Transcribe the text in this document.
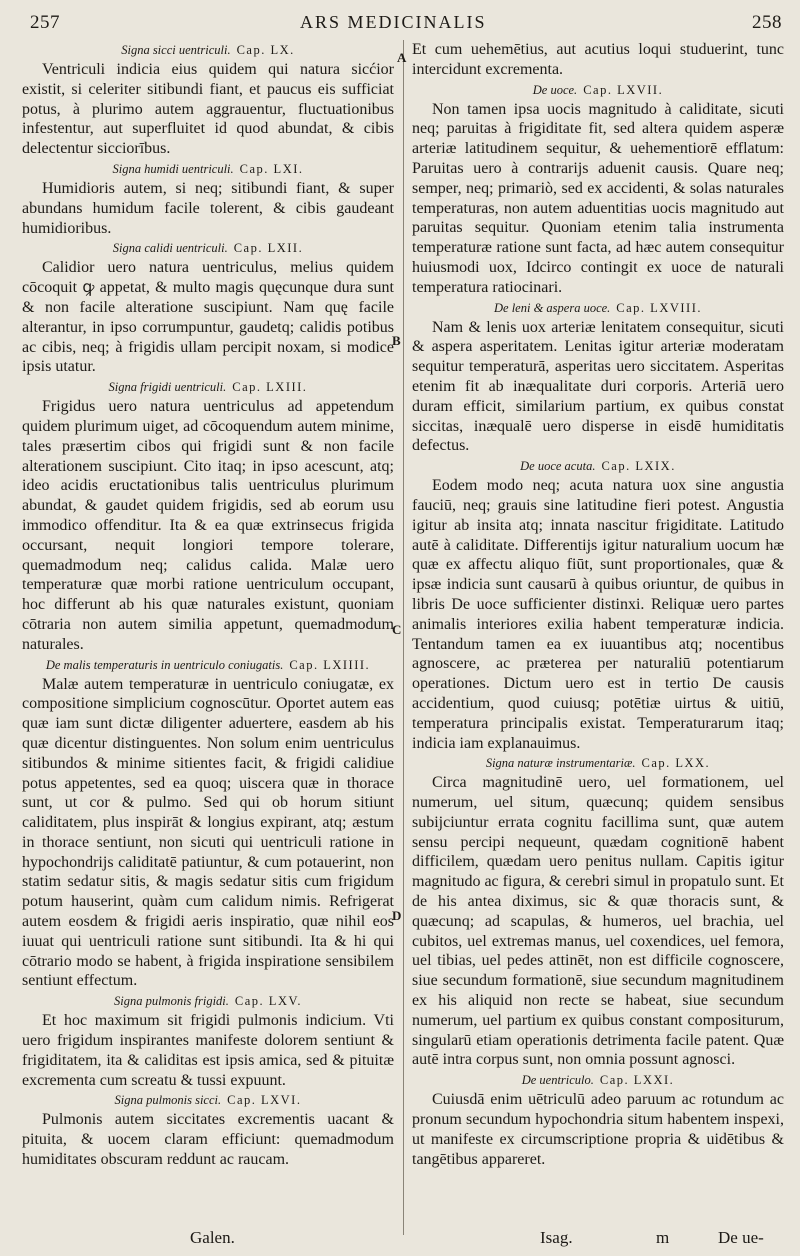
257	ARS MEDICINALIS	258

Signa sicci uentriculi. Cap. LX.

Ventriculi indicia eius quidem qui natura sicćior existit, si celeriter sitibundi fiant, et paucus eis sufficiat potus, à plurimo autem aggrauentur, fluctuationibus infestentur, aut superfluitet id quod abundat, & cibis delectentur sicciorībus.

Signa humidi uentriculi. Cap. LXI.

Humidioris autem, si neq; sitibundi fiant, & super abundans humidum facile tolerent, & cibis gaudeant humidioribus.

Signa calidi uentriculi. Cap. LXII.

Calidior uero natura uentriculus, melius quidem cōcoquit ꝙ appetat, & multo magis quęcunque dura sunt & non facile alteratione suscipiunt. Nam quę facile alterantur, in ipso corrumpuntur, gaudetq; calidis potibus ac cibis, neq; à frigidis ullam percipit noxam, si modice ipsis utatur.

Signa frigidi uentriculi. Cap. LXIII.

Frigidus uero natura uentriculus ad appetendum quidem plurimum uiget, ad cōcoquendum autem minime, tales præsertim cibos qui frigidi sunt & non facile alterationem suscipiunt. Cito itaq; in ipso acescunt, atq; ideo acidis eructationibus talis uentriculus plurimum abundat, & gaudet quidem frigidis, sed ab eorum usu immodico offenditur. Ita & ea quæ extrinsecus frigida occursant, nequit longiori tempore tolerare, quemadmodum neq; calidus calida. Malæ uero temperaturæ quæ morbi ratione uentriculum occupant, hoc differunt ab his quæ naturales existunt, quoniam cōtraria non autem similia appetunt, quemadmodum naturales.

De malis temperaturis in uentriculo coniugatis. Cap. LXIIII.

Malæ autem temperaturæ in uentriculo coniugatæ, ex compositione simplicium cognoscūtur. Oportet autem eas quæ iam sunt dictæ diligenter aduertere, easdem ab his quæ dicentur distinguentes. Non solum enim uentriculus sitibundos & minime sitientes facit, & frigidi calidiue potus appetentes, sed ea quoq; uiscera quæ in thorace sunt, ut cor & pulmo. Sed qui ob horum sitiunt caliditatem, plus inspirāt & longius expirant, atq; æstum in thorace sentiunt, non sicuti qui uentriculi ratione in hypochondrijs caliditatē patiuntur, & cum potauerint, non statim sedatur sitis, & magis sedatur sitis cum frigidum potum hauserint, quàm cum calidum nimis. Refrigerat autem eosdem & frigidi aeris inspiratio, quæ nihil eos iuuat qui uentriculi ratione sunt sitibundi. Ita & hi qui cōtrario modo se habent, à frigida inspiratione sensibilem sentiunt effectum.

Signa pulmonis frigidi. Cap. LXV.

Et hoc maximum sit frigidi pulmonis indicium. Vti uero frigidum inspirantes manifeste dolorem sentiunt & frigiditatem, ita & caliditas est ipsis amica, sed & pituitæ excrementa cum screatu & tussi expuunt.

Signa pulmonis sicci. Cap. LXVI.

Pulmonis autem siccitates excrementis uacant & pituita, & uocem claram efficiunt: quemadmodum humiditates obscuram reddunt ac raucam.

Et cum uehemētius, aut acutius loqui studuerint, tunc intercidunt excrementa.

De uoce. Cap. LXVII.

Non tamen ipsa uocis magnitudo à caliditate, sicuti neq; paruitas à frigiditate fit, sed altera quidem asperæ arteriæ latitudinem sequitur, & uehementiorē efflatum: Paruitas uero à contrarijs aduenit causis. Quare neq; semper, neq; primariò, sed ex accidenti, & solas naturales temperaturas, non autem aduentitias uocis magnitudo aut paruitas sequitur. Quoniam etenim talia instrumenta temperaturæ ratione sunt facta, ad hæc autem consequitur huiusmodi uox, Idcirco contingit ex uoce de naturali temperatura ratiocinari.

De leni & aspera uoce. Cap. LXVIII.

Nam & lenis uox arteriæ lenitatem consequitur, sicuti & aspera asperitatem. Lenitas igitur arteriæ moderatam sequitur temperaturā, asperitas uero siccitatem. Asperitas etenim fit ab inæqualitate duri corporis. Arteriā uero duram efficit, similarium partium, ex quibus constat siccitas, inæqualē uero disperse in eisdē humiditatis defectus.

De uoce acuta. Cap. LXIX.

Eodem modo neq; acuta natura uox sine angustia fauciū, neq; grauis sine latitudine fieri potest. Angustia igitur ab insita atq; innata nascitur frigiditate. Latitudo autē à caliditate. Differentijs igitur naturalium uocum hæ quæ ex affectu aliquo fiūt, sunt proportionales, quæ & ipsæ indicia sunt causarū à quibus oriuntur, de quibus in libris De uoce sufficienter distinxi. Reliquæ uero partes animalis interiores exilia habent temperaturæ indicia. Tentandum tamen ea ex iuuantibus atq; nocentibus agnoscere, ac præterea per naturaliū potentiarum operationes. Dictum uero est in tertio De causis accidentium, quod cuiusq; potētiæ uirtus & uitiū, temperatura principalis existat. Temperaturarum itaq; indicia iam explanauimus.

Signa naturæ instrumentariæ. Cap. LXX.

Circa magnitudinē uero, uel formationem, uel numerum, uel situm, quæcunq; quidem sensibus subijciuntur errata cognitu facillima sunt, quæ autem sensu percipi nequeunt, quædam cognitionē habent difficilem, quædam uero penitus nullam. Capitis igitur magnitudo ac figura, & cerebri simul in propatulo sunt. Et de his antea diximus, sic & quæ thoracis sunt, & quæcunq; ad scapulas, & humeros, uel brachia, uel cubitos, uel extremas manus, uel coxendices, uel femora, uel tibias, uel pedes attinēt, non est difficile cognoscere, siue secundum formationē, siue secundum magnitudinem ex his aliquid non recte se habeat, siue secundum numerum, uel partium ex quibus constant compositurum, singularū etiam operationis detrimenta facile patent. Quæ autē intra corpus sunt, non omnia possunt agnosci.

De uentriculo. Cap. LXXI.

Cuiusdā enim uētriculū adeo paruum ac rotundum ac pronum secundum hypochondria situm habentem inspexi, ut manifeste ex circumscriptione propria & uidētibus & tangētibus appareret.

A
B
C
D
Galen.	Isag.	m	De ue-
